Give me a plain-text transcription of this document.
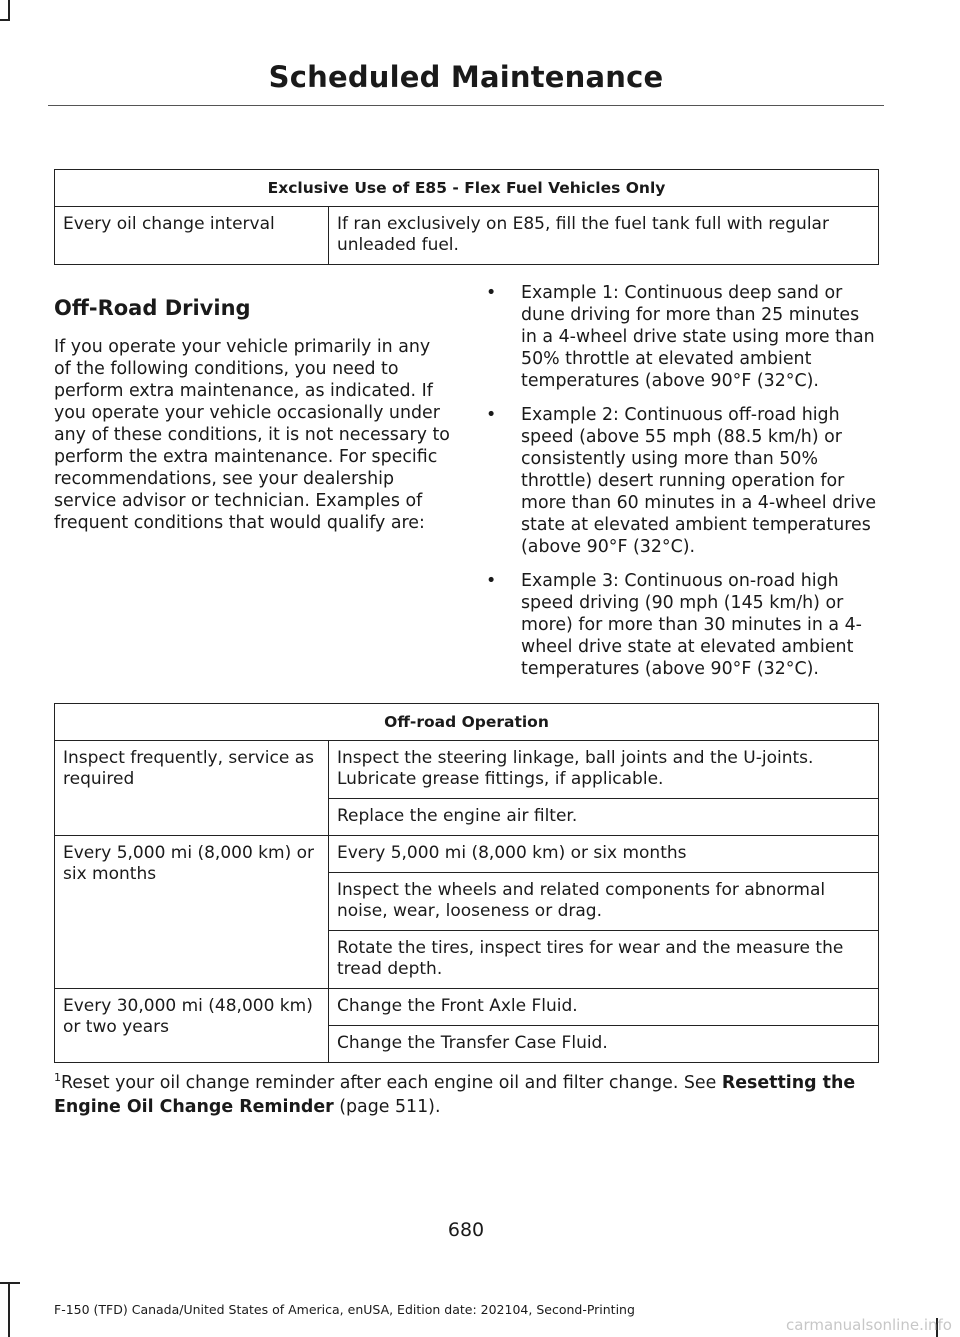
Scheduled Maintenance
Exclusive Use of E85 - Flex Fuel Vehicles Only
Every oil change interval	If ran exclusively on E85, fill the fuel tank full with regular unleaded fuel.
Off-Road Driving

If you operate your vehicle primarily in any of the following conditions, you need to perform extra maintenance, as indicated. If you operate your vehicle occasionally under any of these conditions, it is not necessary to perform the extra maintenance. For specific recommendations, see your dealership service advisor or technician. Examples of frequent conditions that would qualify are:

• Example 1: Continuous deep sand or dune driving for more than 25 minutes in a 4-wheel drive state using more than 50% throttle at elevated ambient temperatures (above 90°F (32°C).
• Example 2: Continuous off-road high speed (above 55 mph (88.5 km/h) or consistently using more than 50% throttle) desert running operation for more than 60 minutes in a 4-wheel drive state at elevated ambient temperatures (above 90°F (32°C).
• Example 3: Continuous on-road high speed driving (90 mph (145 km/h) or more) for more than 30 minutes in a 4-wheel drive state at elevated ambient temperatures (above 90°F (32°C).
Off-road Operation	
Inspect frequently, service as required	Inspect the steering linkage, ball joints and the U-joints. Lubricate grease fittings, if applicable.
	Replace the engine air filter.
Every 5,000 mi (8,000 km) or six months	Every 5,000 mi (8,000 km) or six months
	Inspect the wheels and related components for abnormal noise, wear, looseness or drag.
	Rotate the tires, inspect tires for wear and the measure the tread depth.
Every 30,000 mi (48,000 km) or two years	Change the Front Axle Fluid.
	Change the Transfer Case Fluid.

$^1$Reset your oil change reminder after each engine oil and filter change. See Resetting the Engine Oil Change Reminder (page 511).

680
F-150 (TFD) Canada/United States of America, enUSA, Edition date: 202104, Second-Printing
carmanualsonline.info
